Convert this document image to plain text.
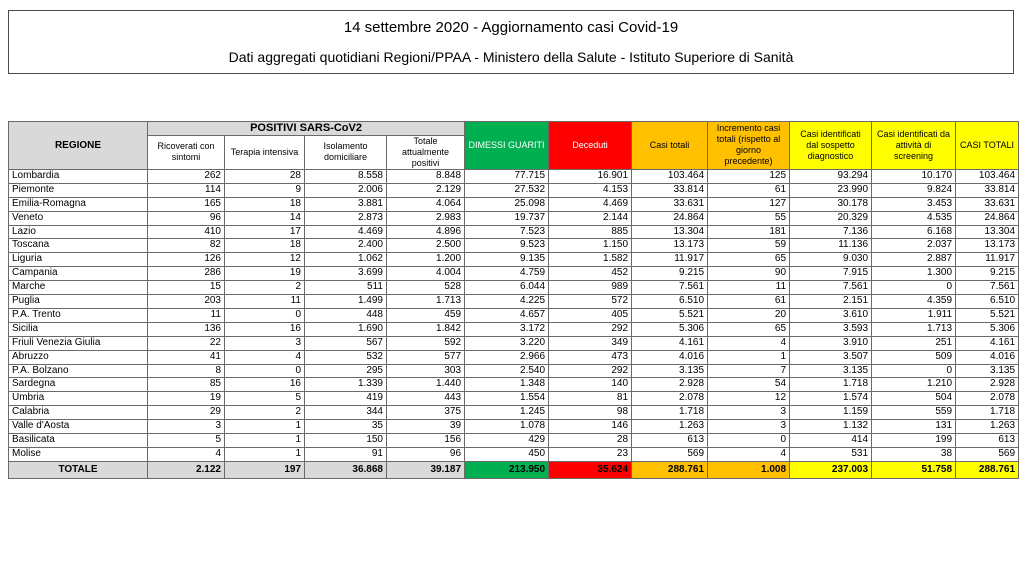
14 settembre 2020 - Aggiornamento casi Covid-19
Dati aggregati quotidiani Regioni/PPAA - Ministero della Salute - Istituto Superiore di Sanità
REGIONE	POSITIVI SARS-CoV2				DIMESSI GUARITI	Deceduti	Casi totali	Incremento casi totali (rispetto al giorno precedente)	Casi identificati dal sospetto diagnostico	Casi identificati da attività di screening	CASI TOTALI
	Ricoverati con sintomi	Terapia intensiva	Isolamento domiciliare	Totale attualmente positivi							
Lombardia	262	28	8.558	8.848	77.715	16.901	103.464	125	93.294	10.170	103.464
Piemonte	114	9	2.006	2.129	27.532	4.153	33.814	61	23.990	9.824	33.814
Emilia-Romagna	165	18	3.881	4.064	25.098	4.469	33.631	127	30.178	3.453	33.631
Veneto	96	14	2.873	2.983	19.737	2.144	24.864	55	20.329	4.535	24.864
Lazio	410	17	4.469	4.896	7.523	885	13.304	181	7.136	6.168	13.304
Toscana	82	18	2.400	2.500	9.523	1.150	13.173	59	11.136	2.037	13.173
Liguria	126	12	1.062	1.200	9.135	1.582	11.917	65	9.030	2.887	11.917
Campania	286	19	3.699	4.004	4.759	452	9.215	90	7.915	1.300	9.215
Marche	15	2	511	528	6.044	989	7.561	11	7.561	0	7.561
Puglia	203	11	1.499	1.713	4.225	572	6.510	61	2.151	4.359	6.510
P.A. Trento	11	0	448	459	4.657	405	5.521	20	3.610	1.911	5.521
Sicilia	136	16	1.690	1.842	3.172	292	5.306	65	3.593	1.713	5.306
Friuli Venezia Giulia	22	3	567	592	3.220	349	4.161	4	3.910	251	4.161
Abruzzo	41	4	532	577	2.966	473	4.016	1	3.507	509	4.016
P.A. Bolzano	8	0	295	303	2.540	292	3.135	7	3.135	0	3.135
Sardegna	85	16	1.339	1.440	1.348	140	2.928	54	1.718	1.210	2.928
Umbria	19	5	419	443	1.554	81	2.078	12	1.574	504	2.078
Calabria	29	2	344	375	1.245	98	1.718	3	1.159	559	1.718
Valle d'Aosta	3	1	35	39	1.078	146	1.263	3	1.132	131	1.263
Basilicata	5	1	150	156	429	28	613	0	414	199	613
Molise	4	1	91	96	450	23	569	4	531	38	569
TOTALE	2.122	197	36.868	39.187	213.950	35.624	288.761	1.008	237.003	51.758	288.761
